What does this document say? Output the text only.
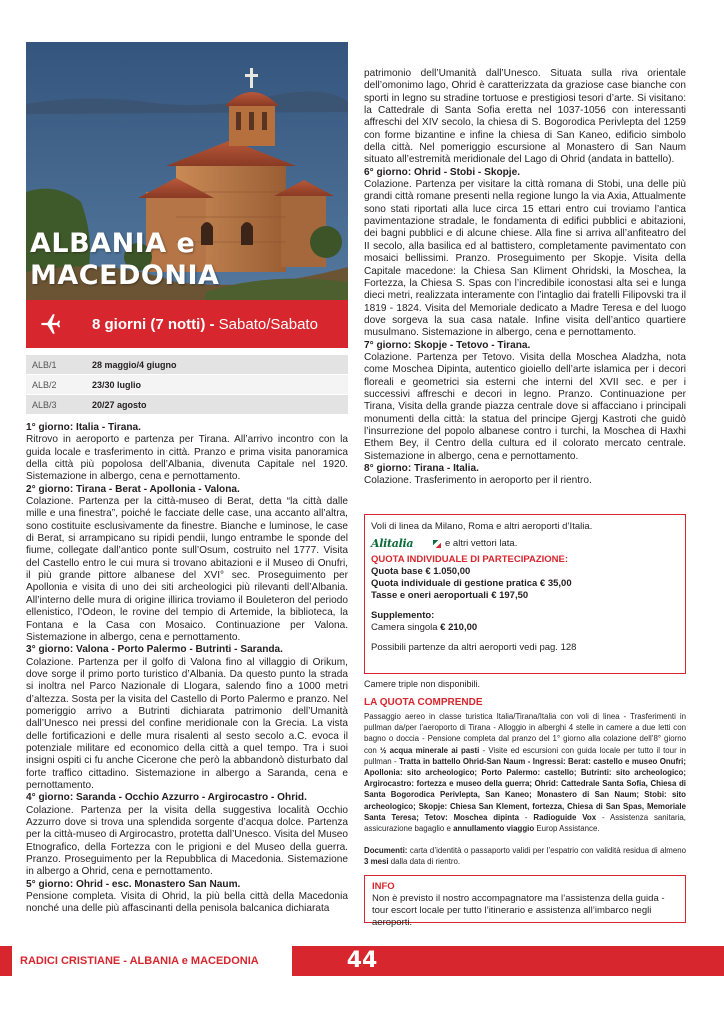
ALBANIA e
MACEDONIA
8 giorni (7 notti) - Sabato/Sabato
ALB/1	28 maggio/4 giugno
ALB/2	23/30 luglio
ALB/3	20/27 agosto

1° giorno: Italia - Tirana.

Ritrovo in aeroporto e partenza per Tirana. All’arrivo incontro con la guida locale e trasferimento in città. Pranzo e prima visita panoramica della città più popolosa dell’Albania, divenuta Capitale nel 1920. Sistemazione in albergo, cena e pernottamento.

2° giorno: Tirana - Berat - Apollonia - Valona.

Colazione. Partenza per la città-museo di Berat, detta “la città dalle mille e una finestra”, poiché le facciate delle case, una accanto all’altra, sono costituite esclusivamente da finestre. Bianche e luminose, le case di Berat, si arrampicano su ripidi pendii, lungo entrambe le sponde del fiume, collegate dall’antico ponte sull’Osum, costruito nel 1777. Visita del Castello entro le cui mura si trovano abitazioni e il Museo di Onufri, il più grande pittore albanese del XVI° sec. Proseguimento per Apollonia e visita di uno dei siti archeologici più rilevanti dell’Albania. All’interno delle mura di origine illirica troviamo il Bouleteron del periodo ellenistico, l’Odeon, le rovine del tempio di Artemide, la biblioteca, la Fontana e la Casa con Mosaico. Continuazione per Valona. Sistemazione in albergo, cena e pernottamento.

3° giorno: Valona - Porto Palermo - Butrinti - Saranda.

Colazione. Partenza per il golfo di Valona fino al villaggio di Orikum, dove sorge il primo porto turistico d’Albania. Da questo punto la strada si inoltra nel Parco Nazionale di Llogara, salendo fino a 1000 metri d’altezza. Sosta per la visita del Castello di Porto Palermo e pranzo. Nel pomeriggio arrivo a Butrinti dichiarata patrimonio dell’Umanità dall’Unesco nei pressi del confine meridionale con la Grecia. La vista delle fortificazioni e delle mura risalenti al sesto secolo a.C. evoca il potenziale militare ed economico della città a quel tempo. Tra i suoi insigni ospiti ci fu anche Cicerone che però la abbandonò disturbato dal forte traffico cittadino. Sistemazione in albergo a Saranda, cena e pernottamento.

4° giorno: Saranda - Occhio Azzurro - Argirocastro - Ohrid.

Colazione. Partenza per la visita della suggestiva località Occhio Azzurro dove si trova una splendida sorgente d’acqua dolce. Partenza per la città-museo di Argirocastro, protetta dall’Unesco. Visita del Museo Etnografico, della Fortezza con le prigioni e del Museo della guerra. Pranzo. Proseguimento per la Repubblica di Macedonia. Sistemazione in albergo a Ohrid, cena e pernottamento.

5° giorno: Ohrid - esc. Monastero San Naum.

Pensione completa. Visita di Ohrid, la più bella città della Macedonia nonché una delle più affascinanti della penisola balcanica dichiarata

patrimonio dell’Umanità dall’Unesco. Situata sulla riva orientale dell’omonimo lago, Ohrid è caratterizzata da graziose case bianche con sporti in legno su stradine tortuose e prestigiosi tesori d’arte. Si visitano: la Cattedrale di Santa Sofia eretta nel 1037-1056 con interessanti affreschi del XIV secolo, la chiesa di S. Bogorodica Perivlepta del 1259 con forme bizantine e infine la chiesa di San Kaneo, edificio simbolo della città. Nel pomeriggio escursione al Monastero di San Naum situato all’estremità meridionale del Lago di Ohrid (andata in battello).

6° giorno: Ohrid - Stobi - Skopje.

Colazione. Partenza per visitare la città romana di Stobi, una delle più grandi città romane presenti nella regione lungo la via Axia, Attualmente sono stati riportati alla luce circa 15 ettari entro cui troviamo l’antica pavimentazione stradale, le fondamenta di edifici pubblici e abitazioni, dei bagni pubblici e di alcune chiese. Alla fine si arriva all’anfiteatro del II secolo, alla basilica ed al battistero, completamente pavimentato con mosaici bellissimi. Pranzo. Proseguimento per Skopje. Visita della Capitale macedone: la Chiesa San Kliment Ohridski, la Moschea, la Fortezza, la Chiesa S. Spas con l’incredibile iconostasi alta sei e lunga dieci metri, realizzata interamente con l’intaglio dai fratelli Filipovski tra il 1819 - 1824. Visita del Memoriale dedicato a Madre Teresa e del luogo dove sorgeva la sua casa natale. Infine visita dell’antico quartiere musulmano. Sistemazione in albergo, cena e pernottamento.

7° giorno: Skopje - Tetovo - Tirana.

Colazione. Partenza per Tetovo. Visita della Moschea Aladzha, nota come Moschea Dipinta, autentico gioiello dell’arte islamica per i decori floreali e geometrici sia esterni che interni del XVII sec. e per i successivi affreschi e decori in legno. Pranzo. Continuazione per Tirana, Visita della grande piazza centrale dove si affacciano i principali monumenti della città: la statua del principe Gjergj Kastroti che guidò l’insurrezione del popolo albanese contro i turchi, la Moschea di Haxhi Ethem Bey, il Centro della cultura ed il colorato mercato centrale. Sistemazione in albergo, cena e pernottamento.

8° giorno: Tirana - Italia.

Colazione. Trasferimento in aeroporto per il rientro.

Voli di linea da Milano, Roma e altri aeroporti d’Italia.
Alitalia	e altri vettori lata.
QUOTA INDIVIDUALE DI PARTECIPAZIONE:
Quota base € 1.050,00
Quota individuale di gestione pratica € 35,00
Tasse e oneri aeroportuali € 197,50
Supplemento:
Camera singola € 210,00
Possibili partenze da altri aeroporti vedi pag. 128
Camere triple non disponibili.
LA QUOTA COMPRENDE
Passaggio aereo in classe turistica Italia/Tirana/Italia con voli di linea - Trasferimenti in pullman da/per l’aeroporto di Tirana - Alloggio in alberghi 4 stelle in camere a due letti con bagno o doccia - Pensione completa dal pranzo del 1° giorno alla colazione dell’8° giorno con ½ acqua minerale ai pasti - Visite ed escursioni con guida locale per tutto il tour in pullman - Tratta in battello Ohrid-San Naum - Ingressi: Berat: castello e museo Onufri; Apollonia: sito archeologico; Porto Palermo: castello; Butrinti: sito archeologico; Argirocastro: fortezza e museo della guerra; Ohrid: Cattedrale Santa Sofia, Chiesa di Santa Bogorodica Perivlepta, San Kaneo; Monastero di San Naum; Stobi: sito archeologico; Skopje: Chiesa San Klement, fortezza, Chiesa di San Spas, Memoriale Santa Teresa; Tetov: Moschea dipinta - Radioguide Vox - Assistenza sanitaria, assicurazione bagaglio e annullamento viaggio Europ Assistance.
Documenti: carta d’identità o passaporto validi per l’espatrio con validità residua di almeno 3 mesi dalla data di rientro.
INFO
Non è previsto il nostro accompagnatore ma l’assistenza della guida - tour escort locale per tutto l’itinerario e assistenza all’imbarco negli aeroporti.
RADICI CRISTIANE - ALBANIA e MACEDONIA	44
